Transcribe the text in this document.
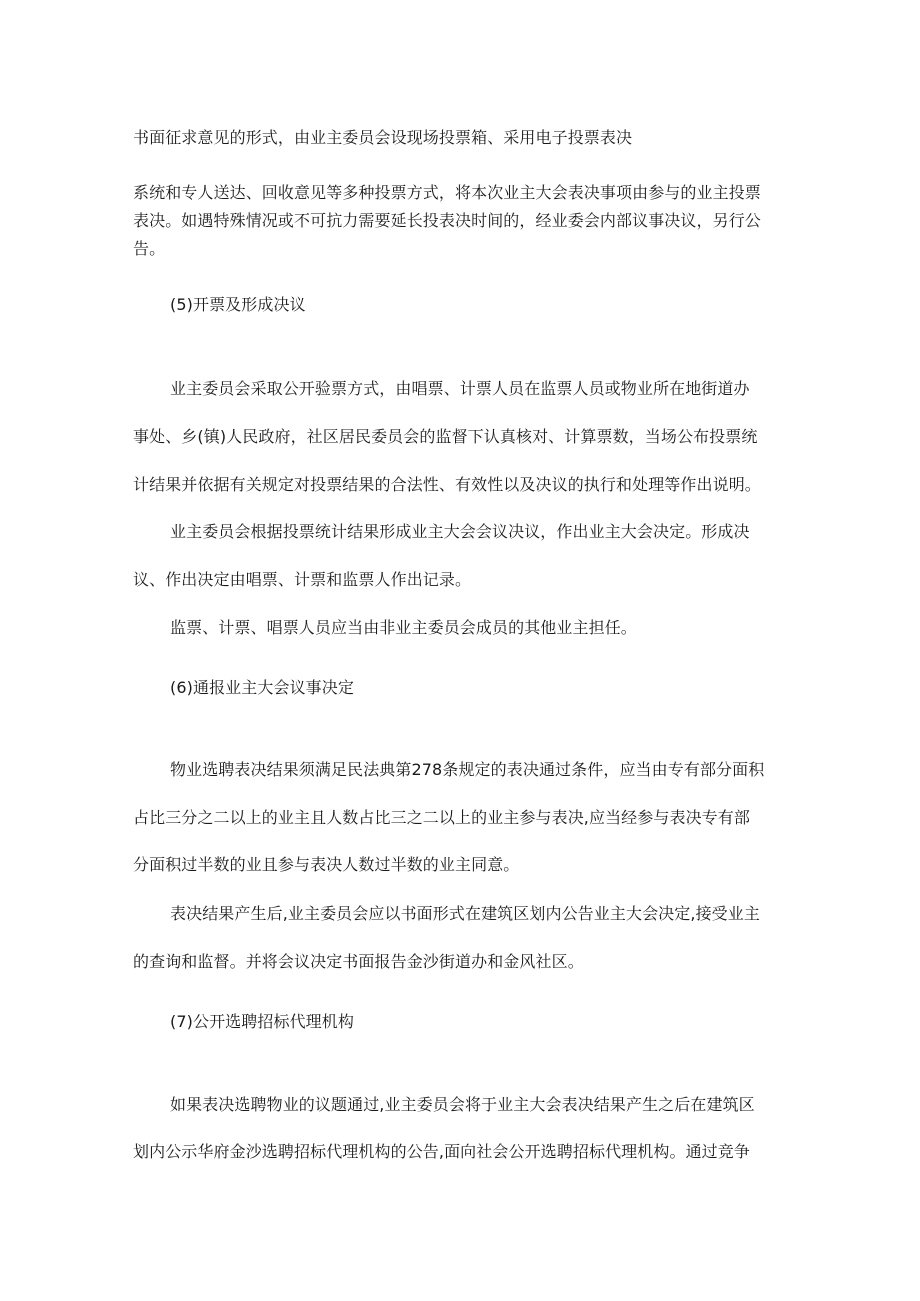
书面征求意见的形式，由业主委员会设现场投票箱、采用电子投票表决
系统和专人送达、回收意见等多种投票方式，将本次业主大会表决事项由参与的业主投票
表决。如遇特殊情况或不可抗力需要延长投表决时间的，经业委会内部议事决议，另行公
告。
(5)开票及形成决议
业主委员会采取公开验票方式，由唱票、计票人员在监票人员或物业所在地街道办
事处、乡(镇)人民政府，社区居民委员会的监督下认真核对、计算票数，当场公布投票统
计结果并依据有关规定对投票结果的合法性、有效性以及决议的执行和处理等作出说明。
业主委员会根据投票统计结果形成业主大会会议决议，作出业主大会决定。形成决
议、作出决定由唱票、计票和监票人作出记录。
监票、计票、唱票人员应当由非业主委员会成员的其他业主担任。
(6)通报业主大会议事决定
物业选聘表决结果须满足民法典第278条规定的表决通过条件，应当由专有部分面积
占比三分之二以上的业主且人数占比三之二以上的业主参与表决,应当经参与表决专有部
分面积过半数的业且参与表决人数过半数的业主同意。
表决结果产生后,业主委员会应以书面形式在建筑区划内公告业主大会决定,接受业主
的查询和监督。并将会议决定书面报告金沙街道办和金风社区。
(7)公开选聘招标代理机构
如果表决选聘物业的议题通过,业主委员会将于业主大会表决结果产生之后在建筑区
划内公示华府金沙选聘招标代理机构的公告,面向社会公开选聘招标代理机构。通过竞争
